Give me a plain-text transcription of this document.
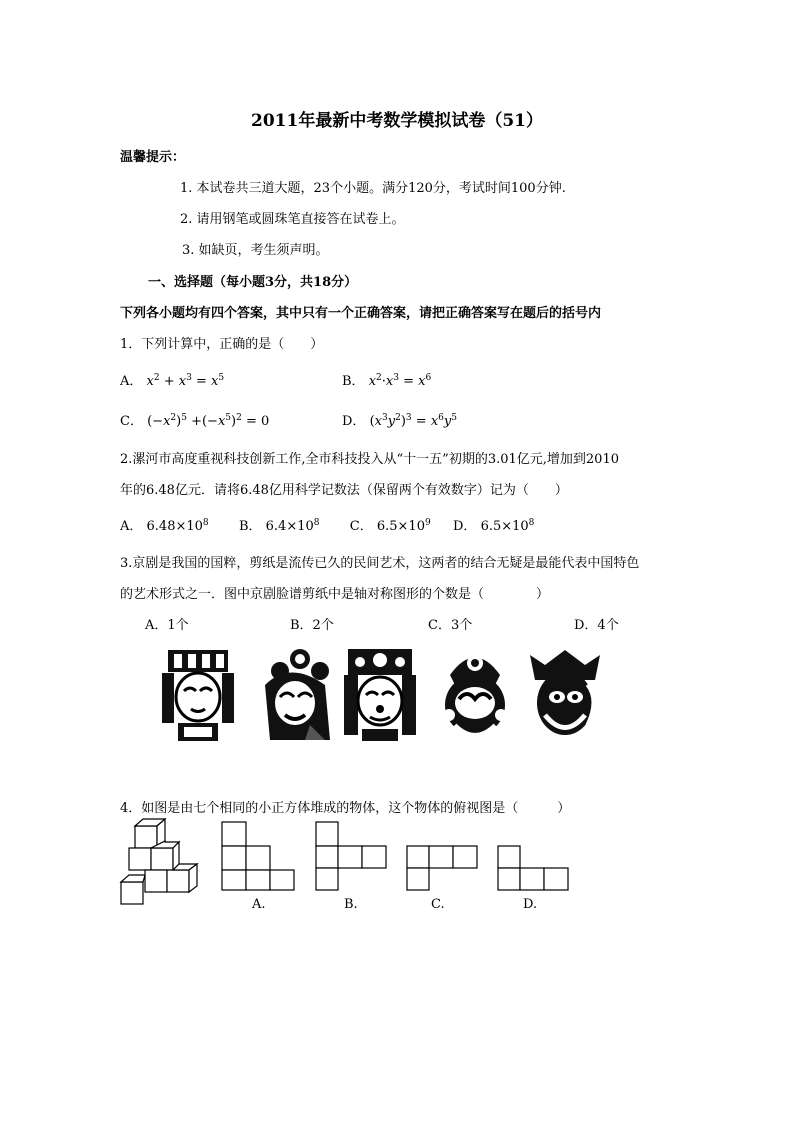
2011年最新中考数学模拟试卷（51）
温馨提示：
1. 本试卷共三道大题，23个小题。满分120分，考试时间100分钟.
2. 请用钢笔或圆珠笔直接答在试卷上。
3. 如缺页，考生须声明。
一、选择题（每小题3分，共18分）
下列各小题均有四个答案，其中只有一个正确答案，请把正确答案写在题后的括号内
1．下列计算中，正确的是（　　）
A． $x^2 + x^3 = x^5$	B． $x^2\cdot x^3 = x^6$
C． $(-x^2)^5 +(-x^5)^2 = 0$	D． $(x^3y^2)^3 = x^6y^5$
2.漯河市高度重视科技创新工作,全市科技投入从“十一五”初期的3.01亿元,增加到2010
年的6.48亿元．请将6.48亿用科学记数法（保留两个有效数字）记为（　　）
A． $6.48\times 10^8$ B． $6.4\times 10^8$ C． $6.5\times 10^9$ D． $6.5\times 10^8$
3.京剧是我国的国粹，剪纸是流传已久的民间艺术，这两者的结合无疑是最能代表中国特色
的艺术形式之一．图中京剧脸谱剪纸中是轴对称图形的个数是（　　　　）
A．1个	B．2个	C．3个	D．4个
4．如图是由七个相同的小正方体堆成的物体，这个物体的俯视图是（　　　）
A.	B.	C.	D.
